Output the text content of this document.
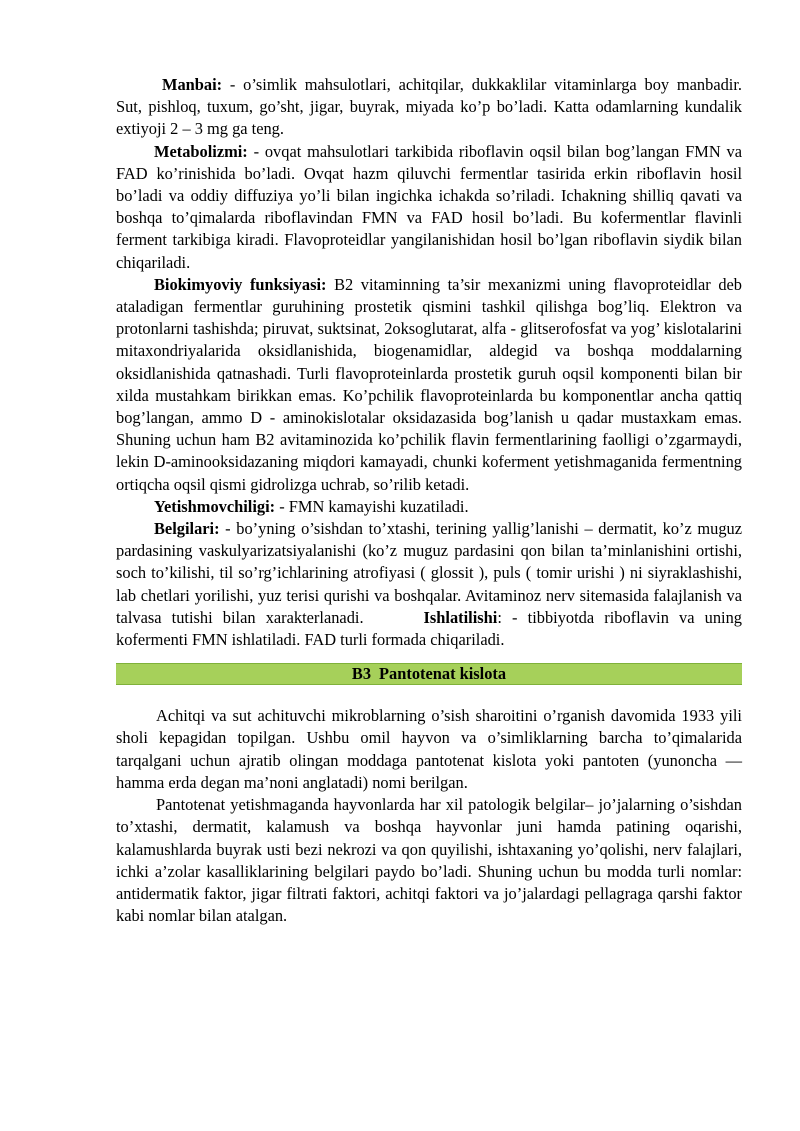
Manbai: - o’simlik mahsulotlari, achitqilar, dukkaklilar vitaminlarga boy manbadir. Sut, pishloq, tuxum, go’sht, jigar, buyrak, miyada ko’p bo’ladi. Katta odamlarning kundalik extiyoji 2 – 3 mg ga teng.

Metabolizmi: - ovqat mahsulotlari tarkibida riboflavin oqsil bilan bog’langan FMN va FAD ko’rinishida bo’ladi. Ovqat hazm qiluvchi fermentlar tasirida erkin riboflavin hosil bo’ladi va oddiy diffuziya yo’li bilan ingichka ichakda so’riladi. Ichakning shilliq qavati va boshqa to’qimalarda riboflavindan FMN va FAD hosil bo’ladi. Bu kofermentlar flavinli ferment tarkibiga kiradi. Flavoproteidlar yangilanishidan hosil bo’lgan riboflavin siydik bilan chiqariladi.

Biokimyoviy funksiyasi: B2 vitaminning ta’sir mexanizmi uning flavoproteidlar deb ataladigan fermentlar guruhining prostetik qismini tashkil qilishga bog’liq. Elektron va protonlarni tashishda; piruvat, suktsinat, 2oksoglutarat, alfa - glitserofosfat va yog’ kislotalarini mitaxondriyalarida oksidlanishida, biogenamidlar, aldegid va boshqa moddalarning oksidlanishida qatnashadi. Turli flavoproteinlarda prostetik guruh oqsil komponenti bilan bir xilda mustahkam birikkan emas. Ko’pchilik flavoproteinlarda bu komponentlar ancha qattiq bog’langan, ammo D - aminokislotalar oksidazasida bog’lanish u qadar mustaxkam emas. Shuning uchun ham B2 avitaminozida ko’pchilik flavin fermentlarining faolligi o’zgarmaydi, lekin D-aminooksidazaning miqdori kamayadi, chunki koferment yetishmaganida fermentning ortiqcha oqsil qismi gidrolizga uchrab, so’rilib ketadi.

Yetishmovchiligi: - FMN kamayishi kuzatiladi.

Belgilari: - bo’yning o’sishdan to’xtashi, terining yallig’lanishi – dermatit, ko’z muguz pardasining vaskulyarizatsiyalanishi (ko’z muguz pardasini qon bilan ta’minlanishini ortishi, soch to’kilishi, til so’rg’ichlarining atrofiyasi ( glossit ), puls ( tomir urishi ) ni siyraklashishi, lab chetlari yorilishi, yuz terisi qurishi va boshqalar. Avitaminoz nerv sitemasida falajlanish va talvasa tutishi bilan xarakterlanadi.	Ishlatilishi: - tibbiyotda riboflavin va uning kofermenti FMN ishlatiladi. FAD turli formada chiqariladi.

B3 Pantotenat kislota

Achitqi va sut achituvchi mikroblarning o’sish sharoitini o’rganish davomida 1933 yili sholi kepagidan topilgan. Ushbu omil hayvon va o’simliklarning barcha to’qimalarida tarqalgani uchun ajratib olingan moddaga pantotenat kislota yoki pantoten (yunoncha — hamma erda degan ma’noni anglatadi) nomi berilgan.

Pantotenat yetishmaganda hayvonlarda har xil patologik belgilar– jo’jalarning o’sishdan to’xtashi, dermatit, kalamush va boshqa hayvonlar juni hamda patining oqarishi, kalamushlarda buyrak usti bezi nekrozi va qon quyilishi, ishtaxaning yo’qolishi, nerv falajlari, ichki a’zolar kasalliklarining belgilari paydo bo’ladi. Shuning uchun bu modda turli nomlar: antidermatik faktor, jigar filtrati faktori, achitqi faktori va jo’jalardagi pellagraga qarshi faktor kabi nomlar bilan atalgan.
